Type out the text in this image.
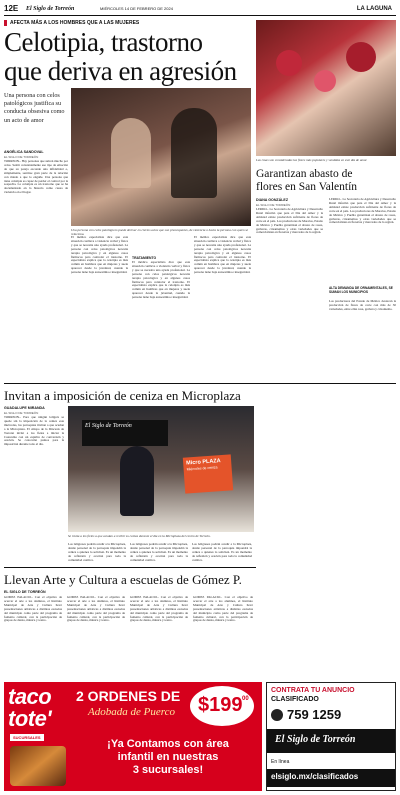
12E El Siglo de Torreón	MIÉRCOLES 14 DE FEBRERO DE 2024	LA LAGUNA
AFECTA MÁS A LOS HOMBRES QUE A LAS MUJERES
Celotipia, trastorno
que deriva en agresión
Una persona con celos patológicos justifica su conducta obsesiva como un acto de amor
ANGÉLICA SANDOVAL
EL SIGLO DE TORREÓN
TORREÓN.- Hay personas que sufren mucho por celos. Sentir constantemente ese tipo de emoción de que su pareja esconde una infidelidad o, simplemente, sentirse gran parte de la relación con miedo a que lo engañe. Una persona que tiene celotipia es capaz de perder el control por la sospecha. La celotipia es un trastorno que se ha documentado en la historia como causa de violencia en el hogar.
Una persona con celos patológicos puede derivar en ciertos actos que son preocupantes, de violencia o hacia la persona con quien se relaciona.
El médico especialista dice que esta situación conlleva a violencia verbal y física y que se necesita una ayuda profesional. La persona con celos patológicos necesita terapia psicológica y en algunos casos fármacos para controlar el trastorno. El especialista explica que la celotipia es más común en hombres que en mujeres y suele aparecer desde la juventud, cuando la persona tiene baja autoestima e inseguridad.
TRATAMIENTO
El médico especialista dice que esta situación conlleva a violencia verbal y física y que se necesita una ayuda profesional. La persona con celos patológicos necesita terapia psicológica y en algunos casos fármacos para controlar el trastorno. El especialista explica que la celotipia es más común en hombres que en mujeres y suele aparecer desde la juventud, cuando la persona tiene baja autoestima e inseguridad.
El médico especialista dice que esta situación conlleva a violencia verbal y física y que se necesita una ayuda profesional. La persona con celos patológicos necesita terapia psicológica y en algunos casos fármacos para controlar el trastorno. El especialista explica que la celotipia es más común en hombres que en mujeres y suele aparecer desde la juventud, cuando la persona tiene baja autoestima e inseguridad.
Las rosas son consideradas las flores más populares y vendidas en este día de amor.
Garantizan abasto de
flores en San Valentín
DIANA GONZÁLEZ
EL SIGLO DE TORREÓN
LERDO.- La Secretaría de Agricultura y Desarrollo Rural informó que para el Día del Amor y la Amistad existe producción suficiente de flores de corte en el país. Los productores de Morelos, Estado de México y Puebla garantizan el abasto de rosas, gerberas, crisantemos y otras variedades que se comercializan en florerías y mercados de la región.
LERDO.- La Secretaría de Agricultura y Desarrollo Rural informó que para el Día del Amor y la Amistad existe producción suficiente de flores de corte en el país. Los productores de Morelos, Estado de México y Puebla garantizan el abasto de rosas, gerberas, crisantemos y otras variedades que se comercializan en florerías y mercados de la región.
ALTA DEMANDA DE ORNAMENTALES, SE SUMAN LOS MUNICIPIOS
Los productores del Estado de México destacan la producción de flores de corte con más de 30 variedades, entre ellas rosa, gerbera y crisantemo.
Invitan a imposición de ceniza en Microplaza
GUADALUPE MIRANDA
EL SIGLO DE TORREÓN
TORREÓN.- Para que ningún feligrés se quede sin la imposición de la ceniza este miércoles, las parroquias invitan a que acudan a la Microplaza. El obispo de la Diócesis de Torreón invitó a los fieles a iniciar la Cuaresma con un espíritu de conversión y oración. Se colocarán puntos para la imposición durante todo el día.
El Siglo de Torreón
Micro PLAZA
Miércoles de ceniza
Se invita a los fieles a que acudan a recibir su ceniza durante el día en la Microplaza del centro de Torreón.
Los feligreses podrán acudir a la Microplaza, donde personal de la parroquia impondrá la ceniza a quienes lo soliciten. Es un momento de reflexión y oración para toda la comunidad católica.
Los feligreses podrán acudir a la Microplaza, donde personal de la parroquia impondrá la ceniza a quienes lo soliciten. Es un momento de reflexión y oración para toda la comunidad católica.
Los feligreses podrán acudir a la Microplaza, donde personal de la parroquia impondrá la ceniza a quienes lo soliciten. Es un momento de reflexión y oración para toda la comunidad católica.
Llevan Arte y Cultura a escuelas de Gómez P.
EL SIGLO DE TORREÓN
GÓMEZ PALACIO.- Con el objetivo de acercar el arte a los alumnos, el Instituto Municipal de Arte y Cultura llevó presentaciones artísticas a distintas escuelas del municipio como parte del programa de fomento cultural, con la participación de grupos de danza, música y teatro.
GÓMEZ PALACIO.- Con el objetivo de acercar el arte a los alumnos, el Instituto Municipal de Arte y Cultura llevó presentaciones artísticas a distintas escuelas del municipio como parte del programa de fomento cultural, con la participación de grupos de danza, música y teatro.
GÓMEZ PALACIO.- Con el objetivo de acercar el arte a los alumnos, el Instituto Municipal de Arte y Cultura llevó presentaciones artísticas a distintas escuelas del municipio como parte del programa de fomento cultural, con la participación de grupos de danza, música y teatro.
GÓMEZ PALACIO.- Con el objetivo de acercar el arte a los alumnos, el Instituto Municipal de Arte y Cultura llevó presentaciones artísticas a distintas escuelas del municipio como parte del programa de fomento cultural, con la participación de grupos de danza, música y teatro.
taco
tote'
SUCURSALES
2 ORDENES DE
Adobada de Puerco $199 00
¡Ya Contamos con área
infantil en nuestras
3 sucursales!
CONTRATA TU ANUNCIO
CLASIFICADO
759 1259
El Siglo de Torreón
En línea
elsiglo.mx/clasificados
